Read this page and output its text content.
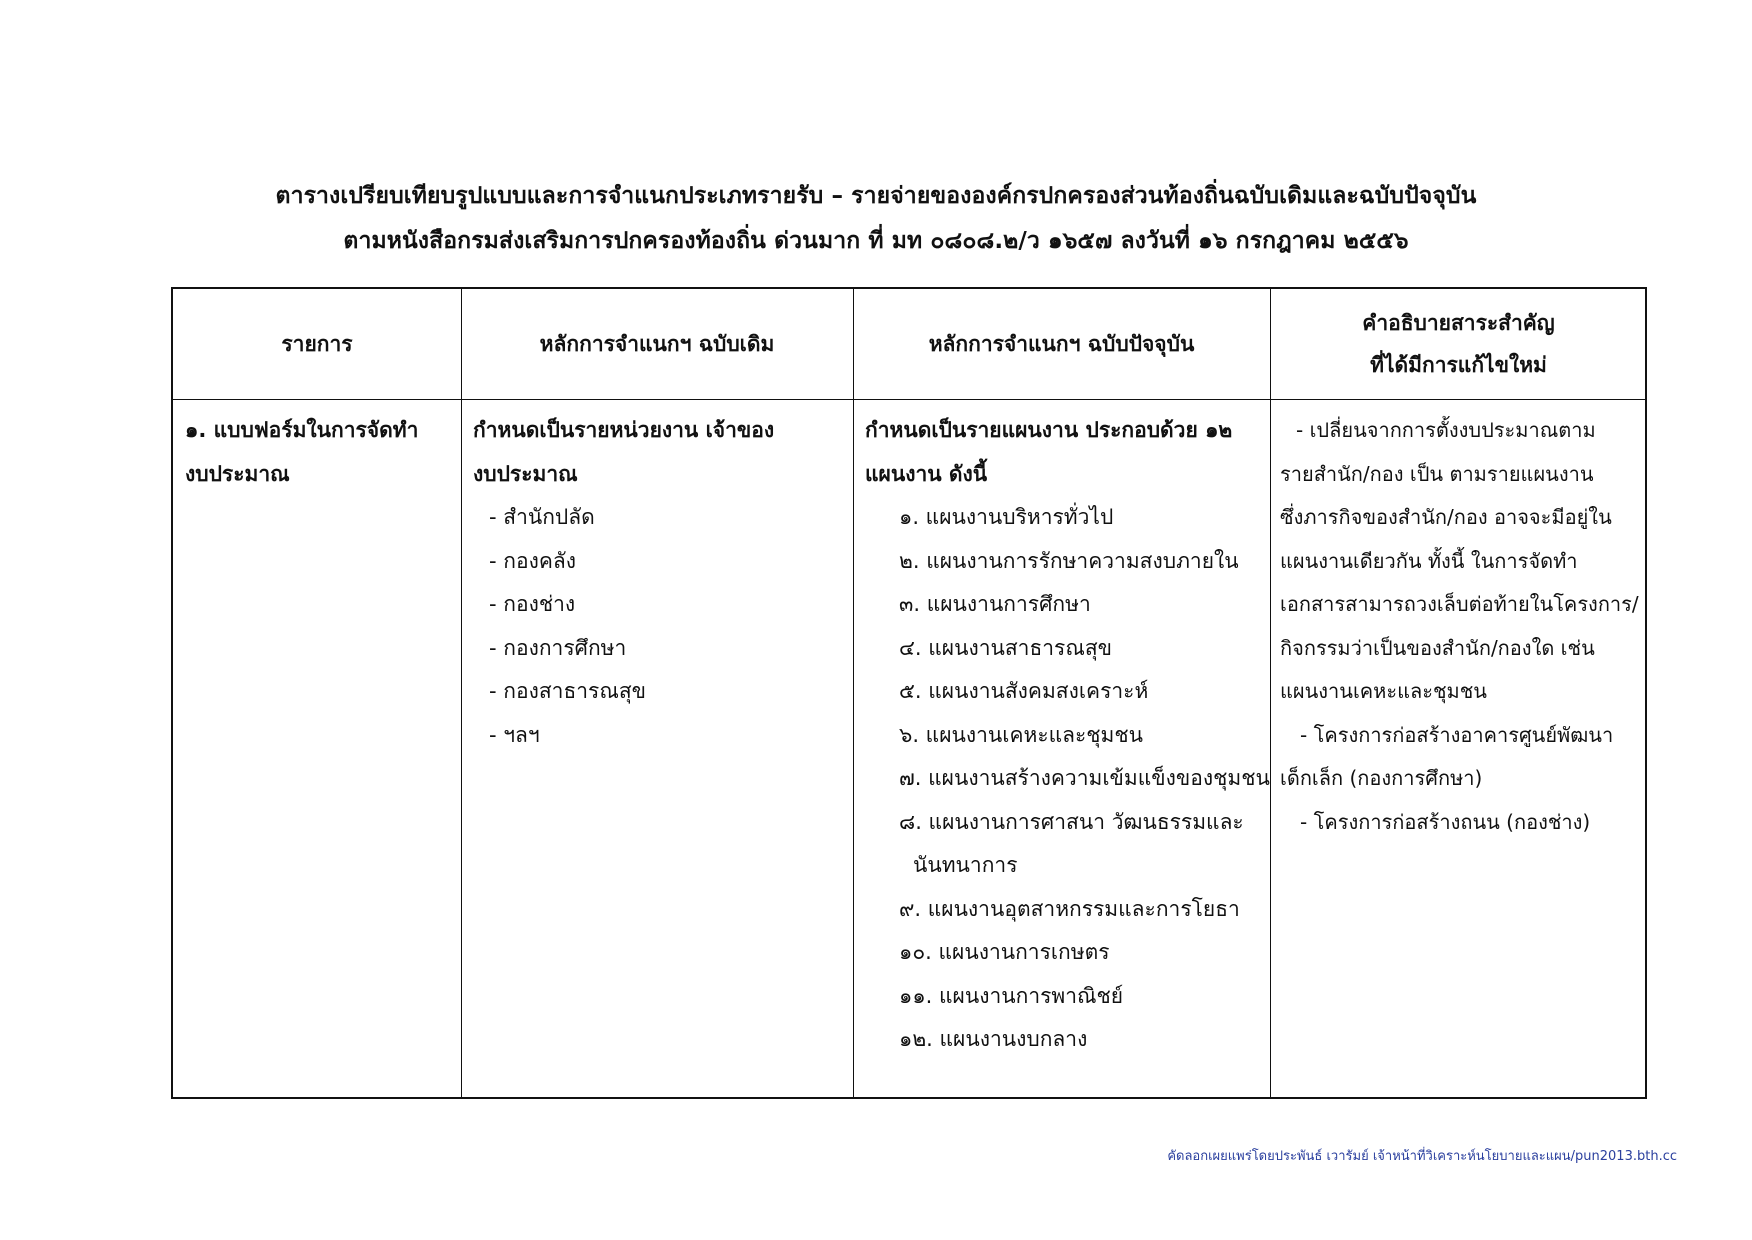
ตารางเปรียบเทียบรูปแบบและการจำแนกประเภทรายรับ – รายจ่ายขององค์กรปกครองส่วนท้องถิ่นฉบับเดิมและฉบับปัจจุบัน
ตามหนังสือกรมส่งเสริมการปกครองท้องถิ่น ด่วนมาก ที่ มท ๐๘๐๘.๒/ว ๑๖๕๗ ลงวันที่ ๑๖ กรกฎาคม ๒๕๕๖
รายการ	หลักการจำแนกฯ ฉบับเดิม	หลักการจำแนกฯ ฉบับปัจจุบัน
คำอธิบายสาระสำคัญ
ที่ได้มีการแก้ไขใหม่
๑. แบบฟอร์มในการจัดทำ
งบประมาณ
กำหนดเป็นรายหน่วยงาน เจ้าของ
งบประมาณ
- สำนักปลัด
- กองคลัง
- กองช่าง
- กองการศึกษา
- กองสาธารณสุข
- ฯลฯ
กำหนดเป็นรายแผนงาน ประกอบด้วย ๑๒
แผนงาน ดังนี้
๑. แผนงานบริหารทั่วไป
๒. แผนงานการรักษาความสงบภายใน
๓. แผนงานการศึกษา
๔. แผนงานสาธารณสุข
๕. แผนงานสังคมสงเคราะห์
๖. แผนงานเคหะและชุมชน
๗. แผนงานสร้างความเข้มแข็งของชุมชน
๘. แผนงานการศาสนา วัฒนธรรมและ
นันทนาการ
๙. แผนงานอุตสาหกรรมและการโยธา
๑๐. แผนงานการเกษตร
๑๑. แผนงานการพาณิชย์
๑๒. แผนงานงบกลาง
- เปลี่ยนจากการตั้งงบประมาณตาม
รายสำนัก/กอง เป็น ตามรายแผนงาน
ซึ่งภารกิจของสำนัก/กอง อาจจะมีอยู่ใน
แผนงานเดียวกัน ทั้งนี้ ในการจัดทำ
เอกสารสามารถวงเล็บต่อท้ายในโครงการ/
กิจกรรมว่าเป็นของสำนัก/กองใด เช่น
แผนงานเคหะและชุมชน
- โครงการก่อสร้างอาคารศูนย์พัฒนา
เด็กเล็ก (กองการศึกษา)
- โครงการก่อสร้างถนน (กองช่าง)
คัดลอกเผยแพร่โดยประพันธ์ เวารัมย์ เจ้าหน้าที่วิเคราะห์นโยบายและแผน/pun2013.bth.cc
